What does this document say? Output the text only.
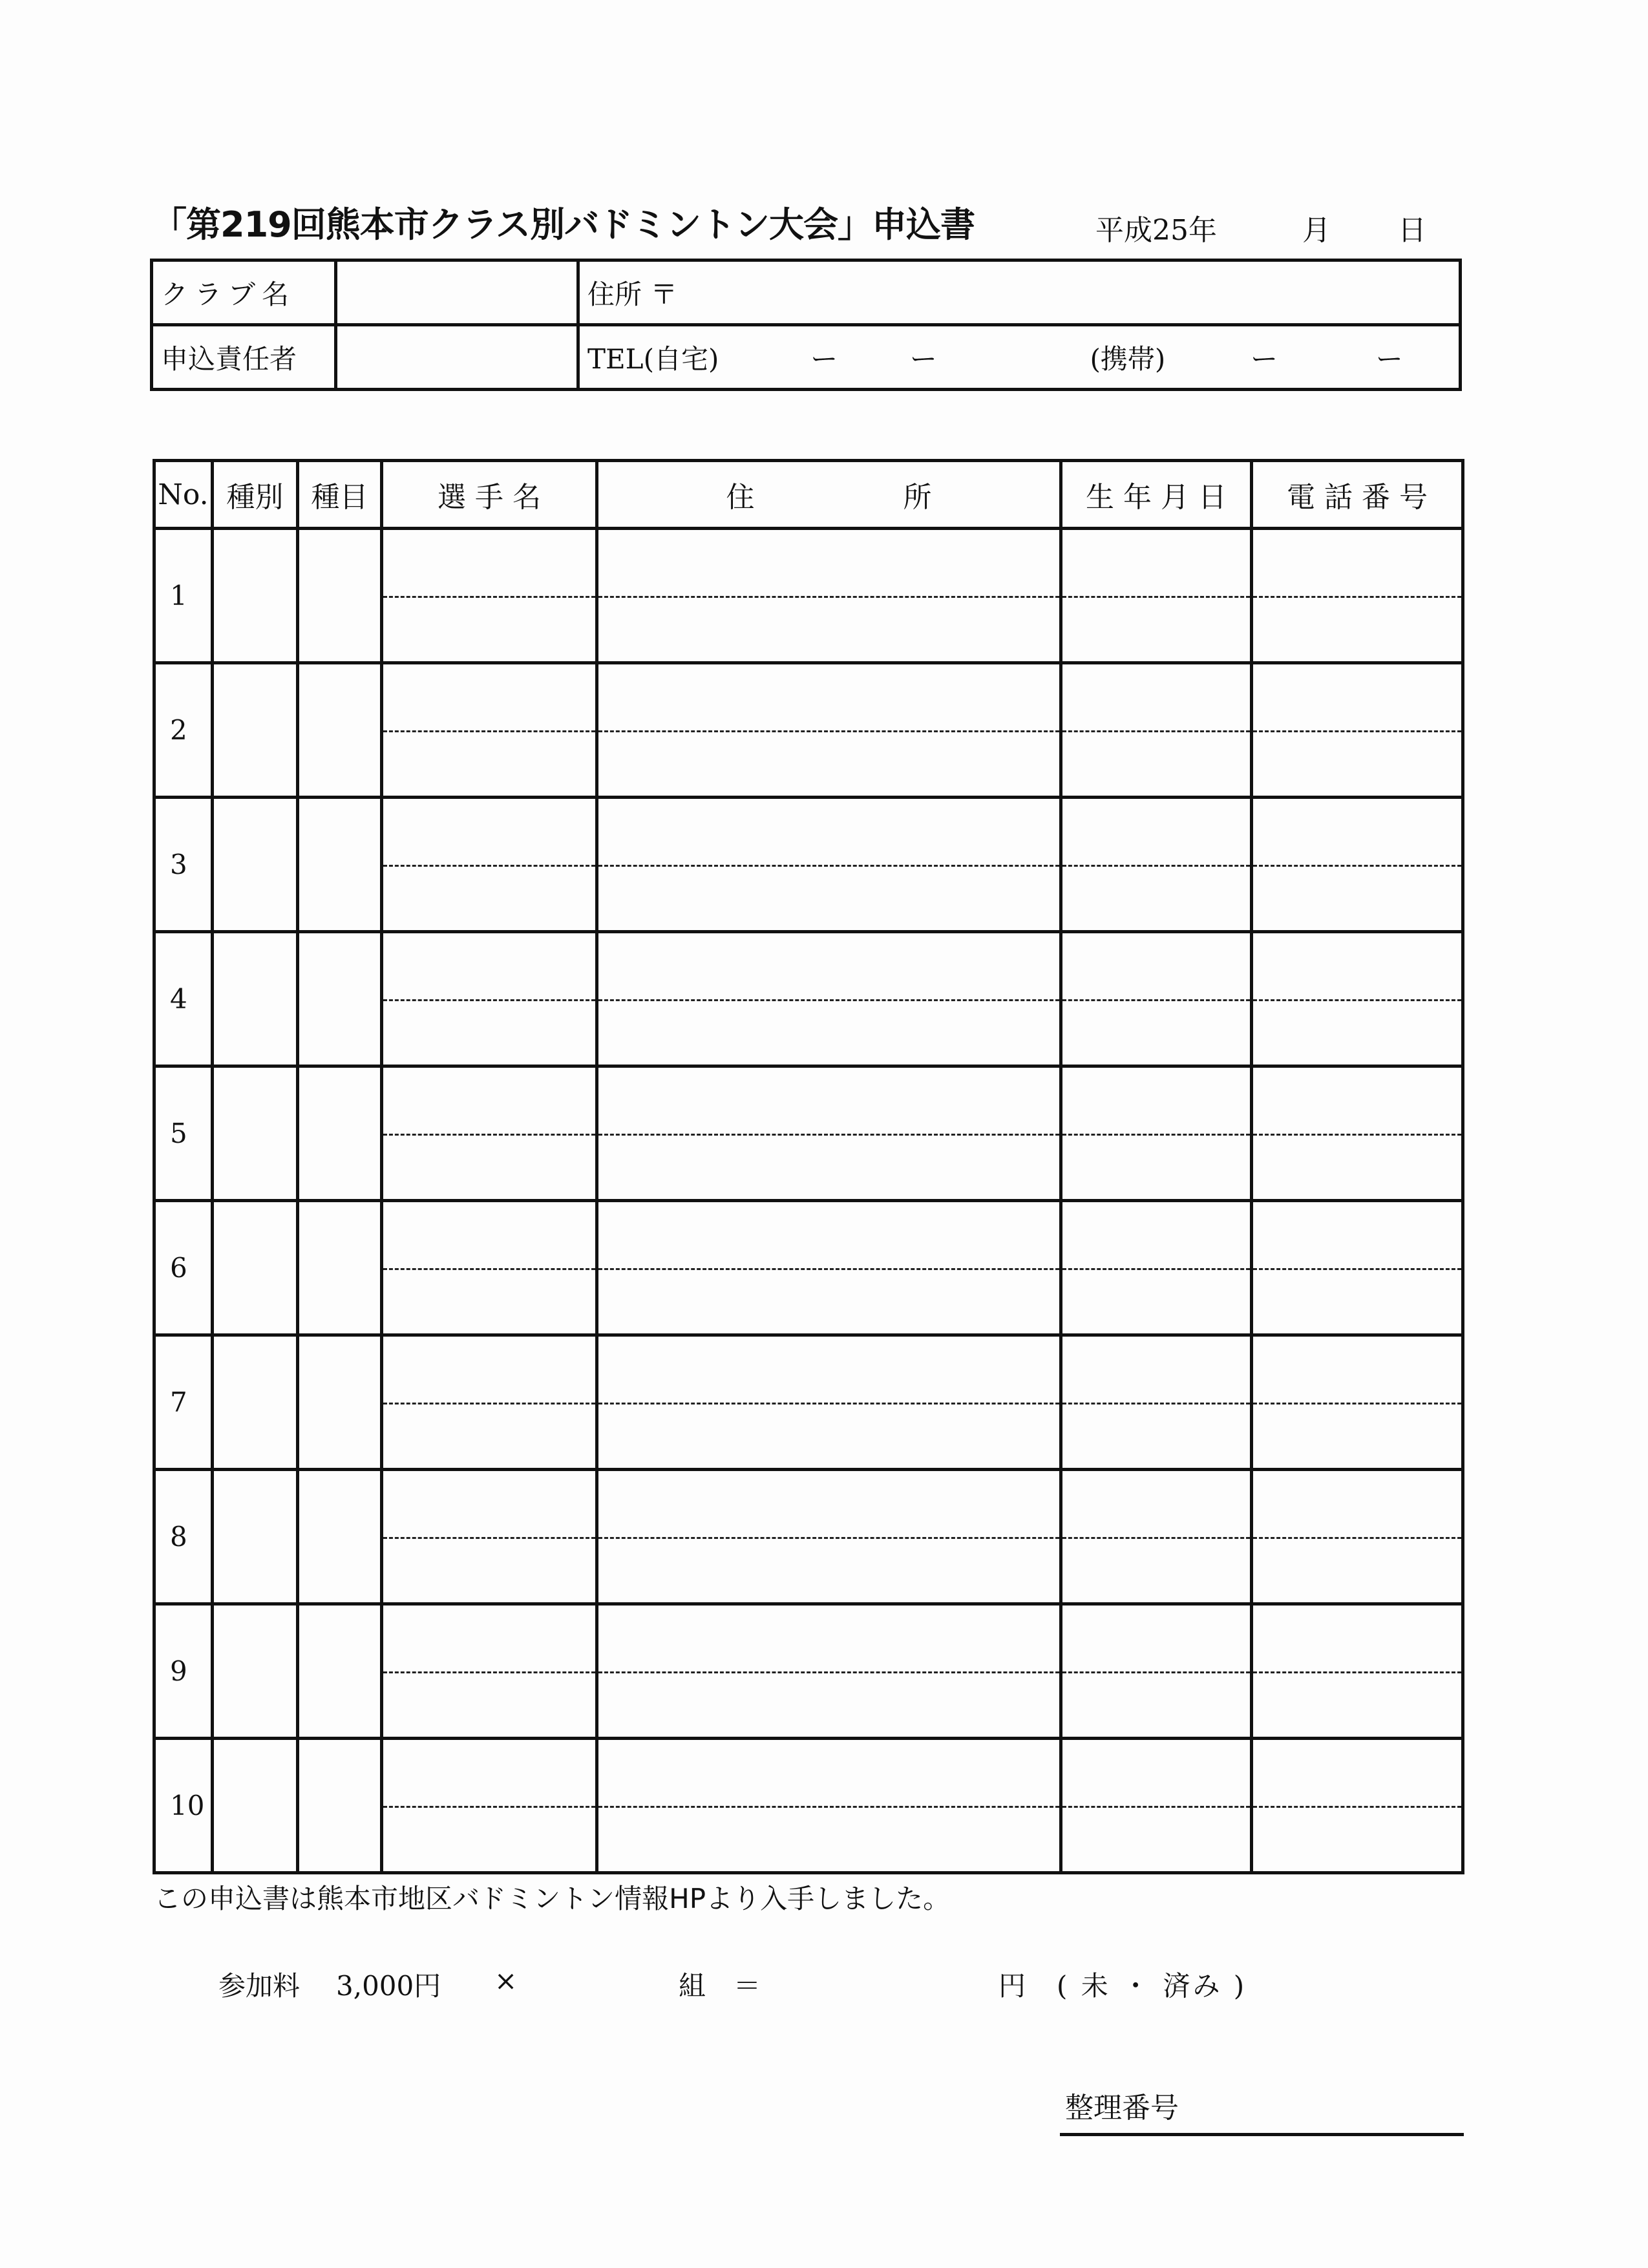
「第219回熊本市クラス別バドミントン大会」申込書	平成25年	月 日
クラブ名		住所 〒
申込責任者		TEL(自宅) ー ー (携帯) ー ー
No.	種別	種目	選 手 名	住 所	生 年 月 日	電 話 番 号
1			

2			

3			

4			

5			

6			

7			

8			

9			

10			

この申込書は熊本市地区バドミントン情報HPより入手しました。
参加料 3,000円 ×	組 ＝	円 ( 未 ・ 済み )
整理番号
